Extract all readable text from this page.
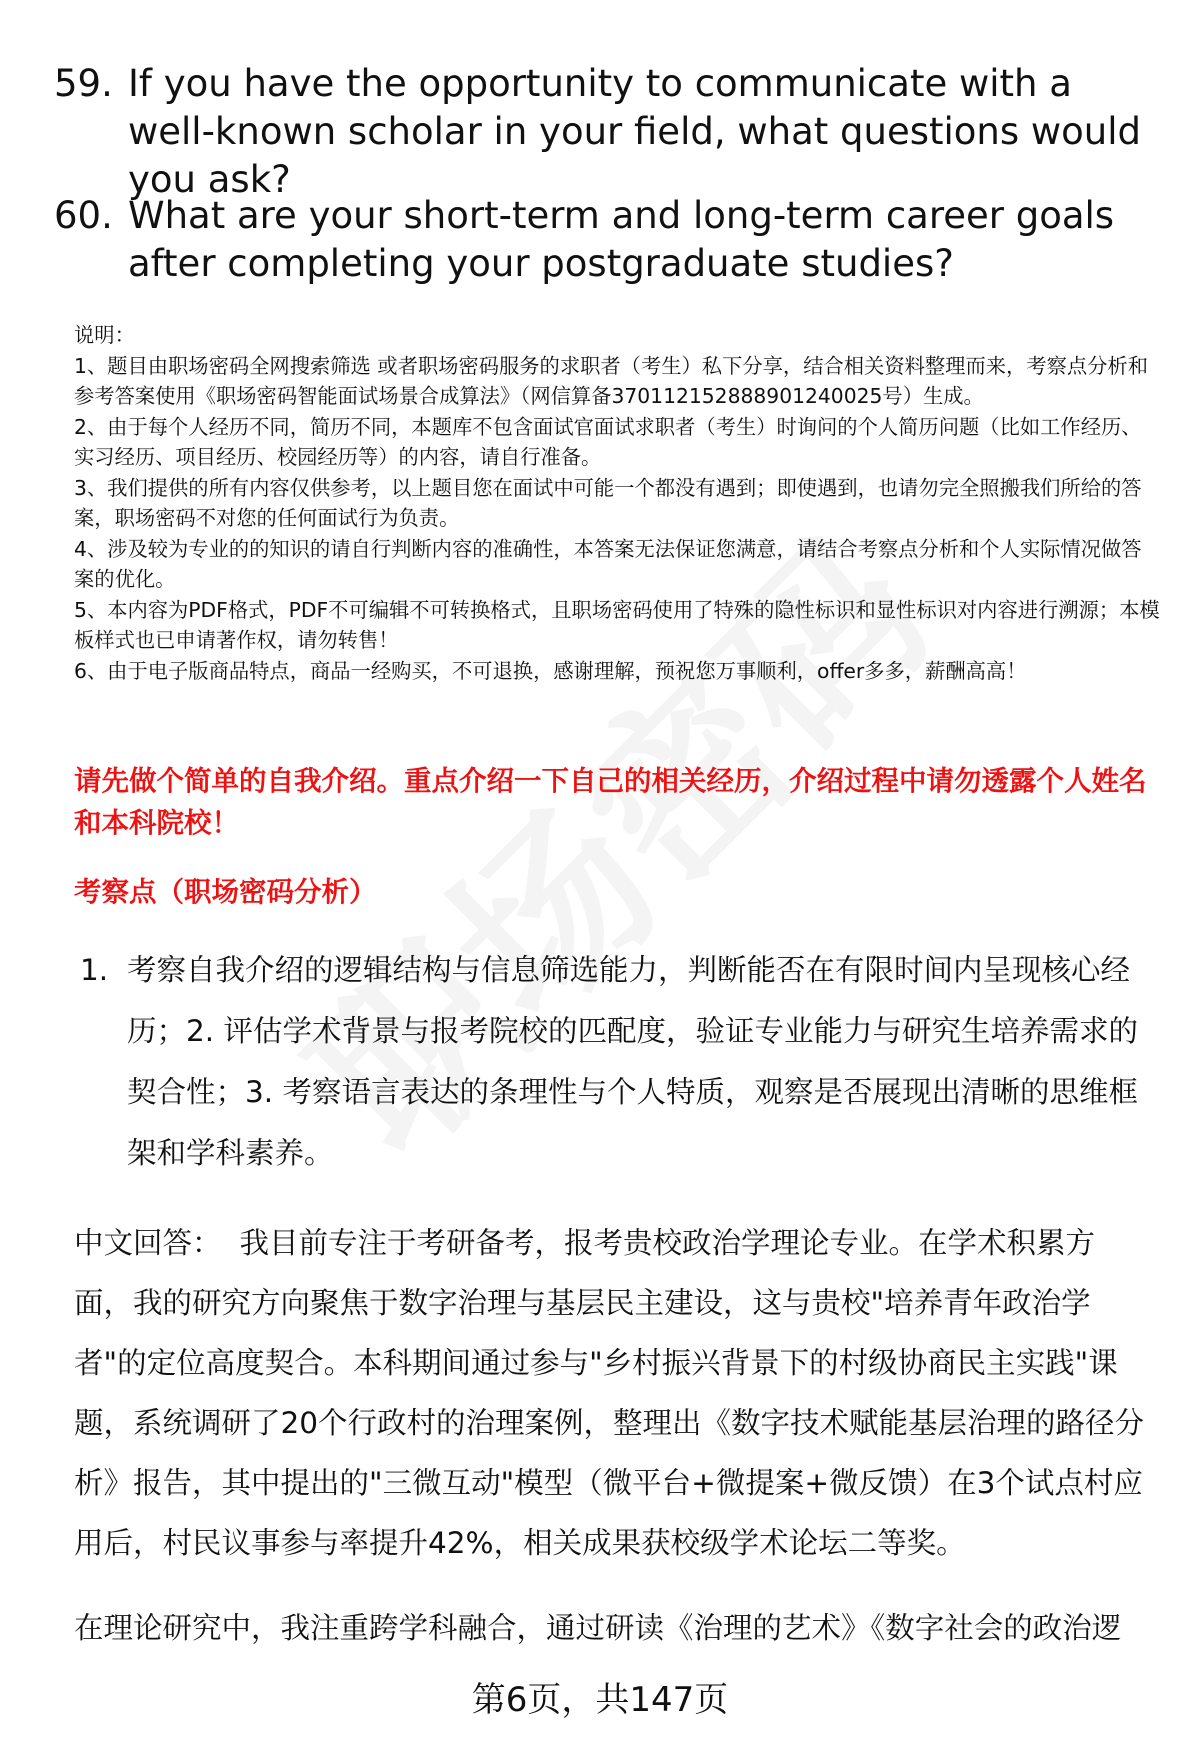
59. If you have the opportunity to communicate with a well-known scholar in your field, what questions would you ask?
60. What are your short-term and long-term career goals after completing your postgraduate studies?

说明：

1、题目由职场密码全网搜索筛选 或者职场密码服务的求职者（考生）私下分享，结合相关资料整理而来，考察点分析和参考答案使用《职场密码智能面试场景合成算法》（网信算备370112152888901240025号）生成。

2、由于每个人经历不同，简历不同，本题库不包含面试官面试求职者（考生）时询问的个人简历问题（比如工作经历、实习经历、项目经历、校园经历等）的内容，请自行准备。

3、我们提供的所有内容仅供参考，以上题目您在面试中可能一个都没有遇到；即使遇到，也请勿完全照搬我们所给的答案，职场密码不对您的任何面试行为负责。

4、涉及较为专业的的知识的请自行判断内容的准确性，本答案无法保证您满意，请结合考察点分析和个人实际情况做答案的优化。

5、本内容为PDF格式，PDF不可编辑不可转换格式，且职场密码使用了特殊的隐性标识和显性标识对内容进行溯源；本模板样式也已申请著作权，请勿转售！

6、由于电子版商品特点，商品一经购买，不可退换，感谢理解，预祝您万事顺利，offer多多，薪酬高高！

请先做个简单的自我介绍。重点介绍一下自己的相关经历，介绍过程中请勿透露个人姓名和本科院校！
考察点（职场密码分析）
1. 考察自我介绍的逻辑结构与信息筛选能力，判断能否在有限时间内呈现核心经历；2. 评估学术背景与报考院校的匹配度，验证专业能力与研究生培养需求的契合性；3. 考察语言表达的条理性与个人特质，观察是否展现出清晰的思维框架和学科素养。
中文回答： 我目前专注于考研备考，报考贵校政治学理论专业。在学术积累方面，我的研究方向聚焦于数字治理与基层民主建设，这与贵校"培养青年政治学者"的定位高度契合。本科期间通过参与"乡村振兴背景下的村级协商民主实践"课题，系统调研了20个行政村的治理案例，整理出《数字技术赋能基层治理的路径分析》报告，其中提出的"三微互动"模型（微平台+微提案+微反馈）在3个试点村应用后，村民议事参与率提升42%，相关成果获校级学术论坛二等奖。
在理论研究中，我注重跨学科融合，通过研读《治理的艺术》《数字社会的政治逻
第6页，共147页
